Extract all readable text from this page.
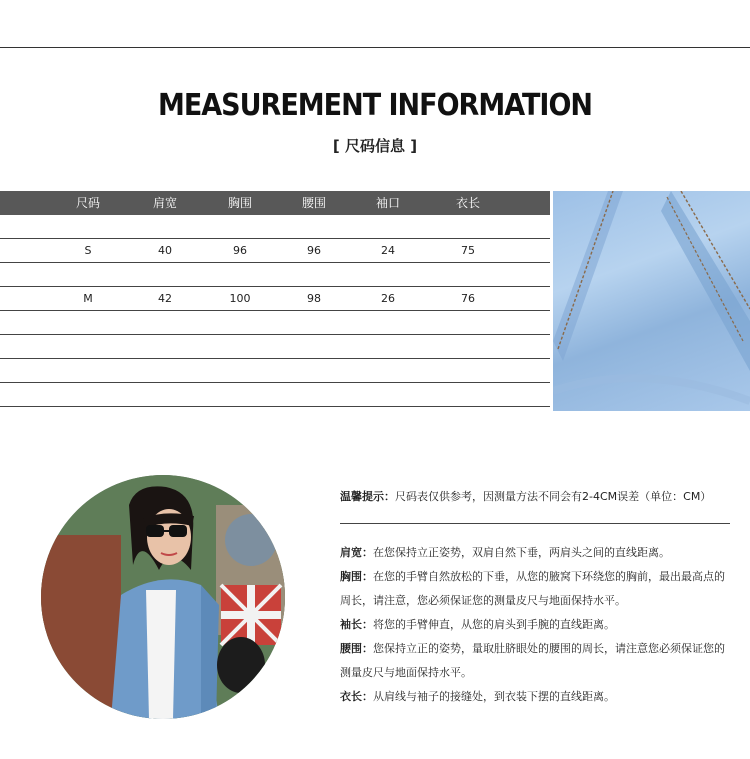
MEASUREMENT INFORMATION
[ 尺码信息 ]
尺码	肩宽	胸围	腰围	袖口	衣长
S	40	96	96	24	75
M	42	100	98	26	76
温馨提示：尺码表仅供参考，因测量方法不同会有2-4CM误差（单位：CM）
肩宽：在您保持立正姿势，双肩自然下垂，两肩头之间的直线距离。
胸围：在您的手臂自然放松的下垂，从您的腋窝下环绕您的胸前，最出最高点的周长，请注意，您必须保证您的测量皮尺与地面保持水平。
袖长：将您的手臂伸直，从您的肩头到手腕的直线距离。
腰围：您保持立正的姿势，量取肚脐眼处的腰围的周长，请注意您必须保证您的测量皮尺与地面保持水平。
衣长：从肩线与袖子的接缝处，到衣装下摆的直线距离。
